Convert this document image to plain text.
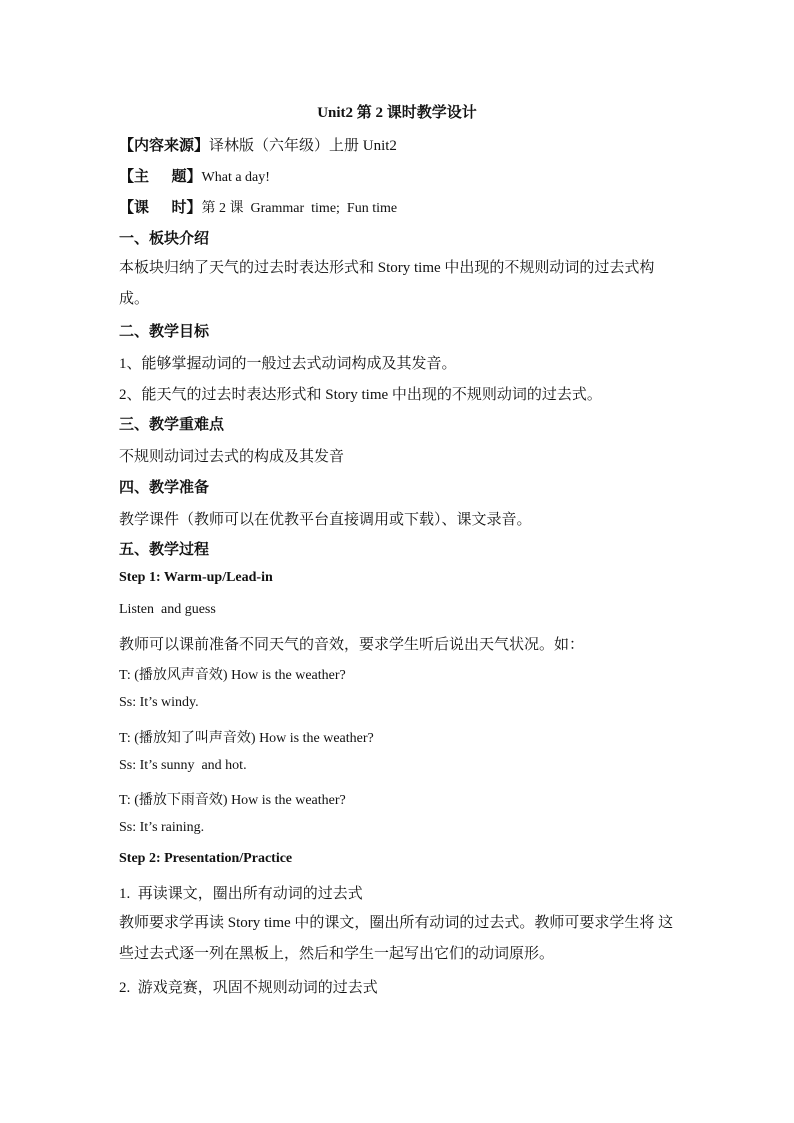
Unit2 第 2 课时教学设计
【内容来源】译林版（六年级）上册 Unit2
【主      题】What a day!
【课      时】第 2 课  Grammar  time;  Fun time
一、板块介绍
本板块归纳了天气的过去时表达形式和 Story time 中出现的不规则动词的过去式构成。
二、教学目标
1、能够掌握动词的一般过去式动词构成及其发音。
2、能天气的过去时表达形式和 Story time 中出现的不规则动词的过去式。
三、教学重难点
不规则动词过去式的构成及其发音
四、教学准备
教学课件（教师可以在优教平台直接调用或下载）、课文录音。
五、教学过程
Step 1: Warm-up/Lead-in
Listen  and guess
教师可以课前准备不同天气的音效，要求学生听后说出天气状况。如：
T: (播放风声音效) How is the weather?
Ss: It’s windy.
T: (播放知了叫声音效) How is the weather?
Ss: It’s sunny  and hot.
T: (播放下雨音效) How is the weather?
Ss: It’s raining.
Step 2: Presentation/Practice
1.  再读课文，圈出所有动词的过去式
教师要求学再读 Story time 中的课文，圈出所有动词的过去式。教师可要求学生将 这些过去式逐一列在黑板上，然后和学生一起写出它们的动词原形。
2.  游戏竞赛，巩固不规则动词的过去式
